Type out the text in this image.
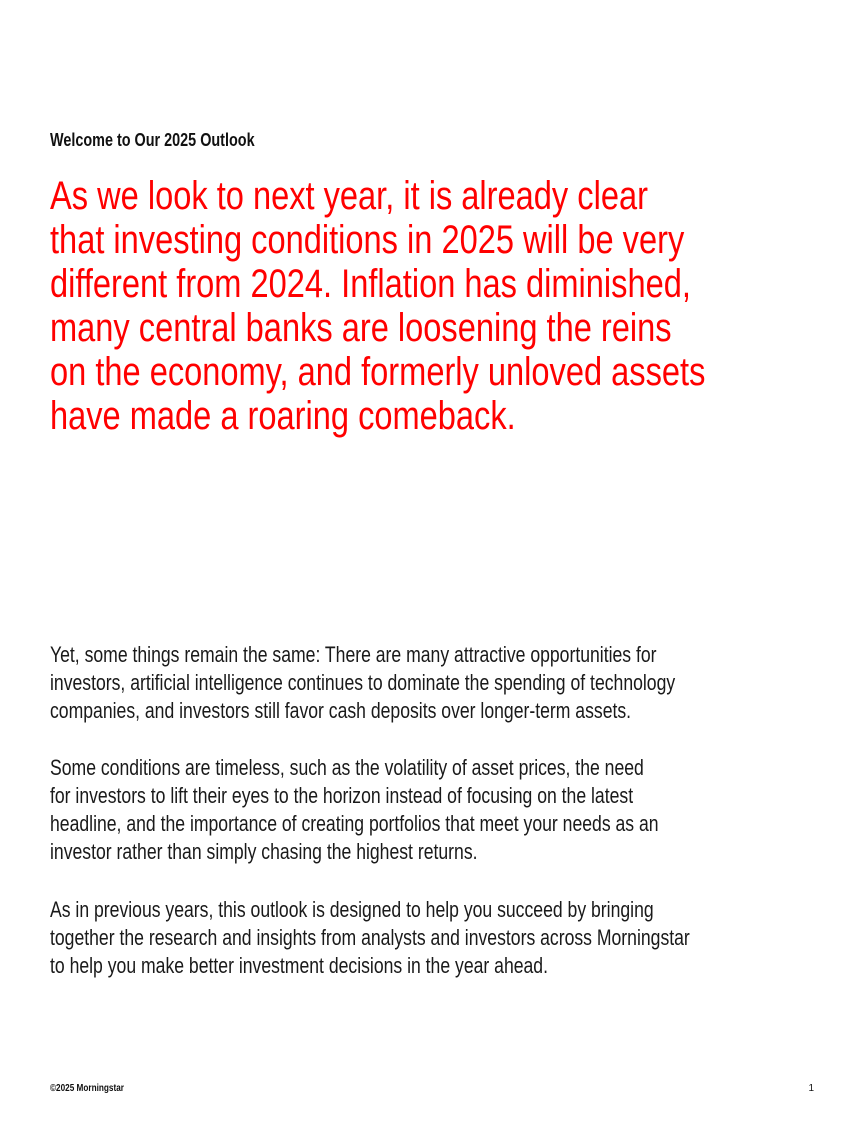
Welcome to Our 2025 Outlook
As we look to next year, it is already clear
that investing conditions in 2025 will be very
different from 2024. Inflation has diminished,
many central banks are loosening the reins
on the economy, and formerly unloved assets
have made a roaring comeback.
Yet, some things remain the same: There are many attractive opportunities for
investors, artificial intelligence continues to dominate the spending of technology
companies, and investors still favor cash deposits over longer-term assets.
Some conditions are timeless, such as the volatility of asset prices, the need
for investors to lift their eyes to the horizon instead of focusing on the latest
headline, and the importance of creating portfolios that meet your needs as an
investor rather than simply chasing the highest returns.
As in previous years, this outlook is designed to help you succeed by bringing
together the research and insights from analysts and investors across Morningstar
to help you make better investment decisions in the year ahead.
©2025 Morningstar	1
